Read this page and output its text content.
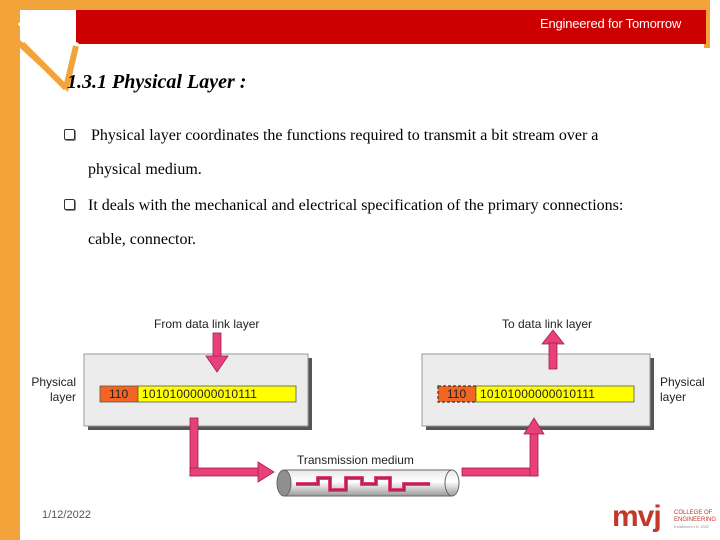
Engineered for Tomorrow
1.3.1 Physical Layer :
Physical layer coordinates the functions required to transmit a bit stream over a
physical medium.
It deals with the mechanical and electrical specification of the primary connections:
cable, connector.
From data link layer	To data link layer
Physical
layer
Physical
layer
110 10101000000010111	110 10101000000010111
Transmission medium
1/12/2022	mvj COLLEGE OF
ENGINEERING
Established in 1982
